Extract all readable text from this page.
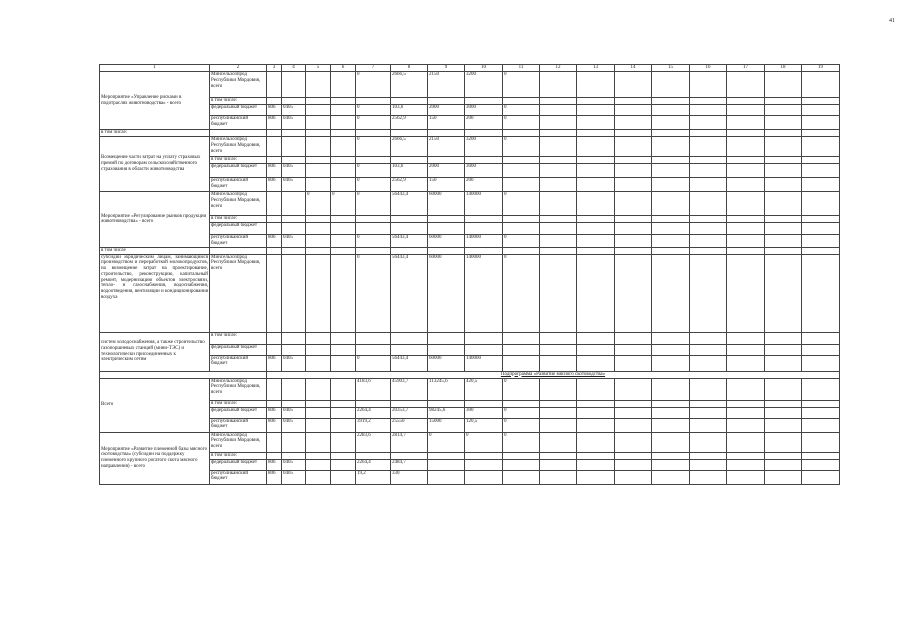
41
1	2	3	4	5	6	7	8	9	10	11	12	13	14	15	16	17	18	19
Мероприятие «Управление рисками в подотраслях животноводства» - всего	Минсельхозпрод Республики Мордовия, всего					0	2666,5	2150	3200	0								
	в том числе:																	
	федеральный бюджет	806	0405			0	103,6	2000	3000	0								
	республиканский бюджет	806	0405			0	2562,9	150	200	0								
в том числе:																		
Возмещение части затрат на уплату страховых премий по договорам сельскохозяйственного страхования в области животноводства	Минсельхозпрод Республики Мордовия, всего					0	2666,5	2150	3200	0								
	в том числе:																	
	федеральный бюджет	806	0405			0	103,6	2000	3000									
	республиканский бюджет	806	0405			0	2562,9	150	200									
Мероприятие «Регулирование рынков продукции животноводства» - всего	Минсельхозпрод Республики Мордовия, всего			0	0	0	56443,4	60000	140000	0								
	в том числе:																	
	федеральный бюджет																	
	республиканский бюджет	806	0405			0	56443,4	60000	140000	0								
в том числе																		
субсидии юридическим лицам, занимающимся производством и переработкой молокопродуктов, на возмещение затрат на проектирование, строительство, реконструкцию, капитальный ремонт, модернизацию объектов электросвязи, тепло- и газоснабжения, водоснабжения, водоотведения, вентиляции и кондиционирования воздуха	Минсельхозпрод Республики Мордовия, всего					0	56443,4	60000	140000	0								
систем холодоснабжения, а также строительство газопоршневых станций (мини-ТЭС) и технологически присоединенных к электрическим сетям	в том числе:																	
	федеральный бюджет																	
	республиканский бюджет	806	0405			0	56443,4	60000	140000									
		Подпрограмма «Развитие мясного скотоводства»																
Всего	Минсельхозпрод Республики Мордовия, всего					4183,6	45903,7	113245,6	420,5	0								
	в том числе:																	
	федеральный бюджет	806	0405			2264,4	20353,7	98245,6	300	0								
	республиканский бюджет	806	0405			3919,2	25550	15000	120,5	0								
Мероприятие «Развитие племенной базы мясного скотоводства» (субсидии на поддержку племенного крупного рогатого скота мясного направления) - всего	Минсельхозпрод Республики Мордовия, всего					2283,6	2814,7	0	0	0								
	в том числе:																	
	федеральный бюджет	806	0405			2264,4	2484,7											
	республиканский бюджет	806	0405			19,2	330											
